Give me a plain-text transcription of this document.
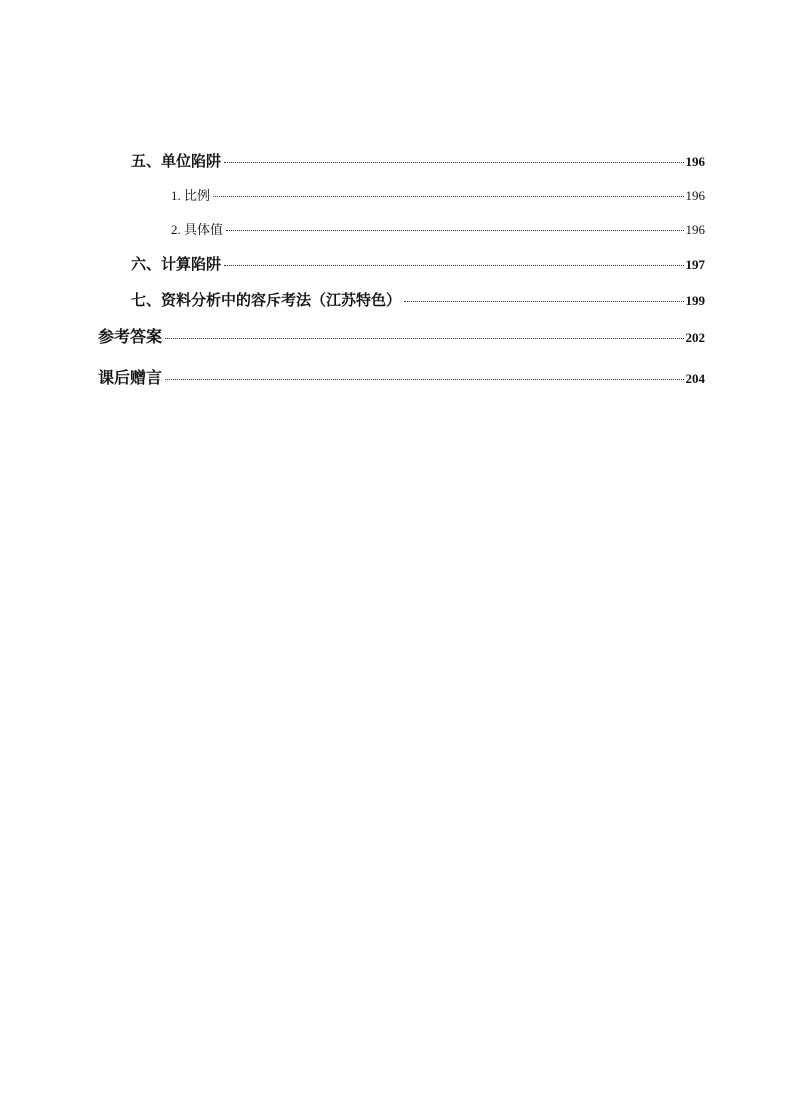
五、单位陷阱	196
1. 比例	196
2. 具体值	196
六、计算陷阱	197
七、资料分析中的容斥考法（江苏特色）	199
参考答案	202
课后赠言	204
